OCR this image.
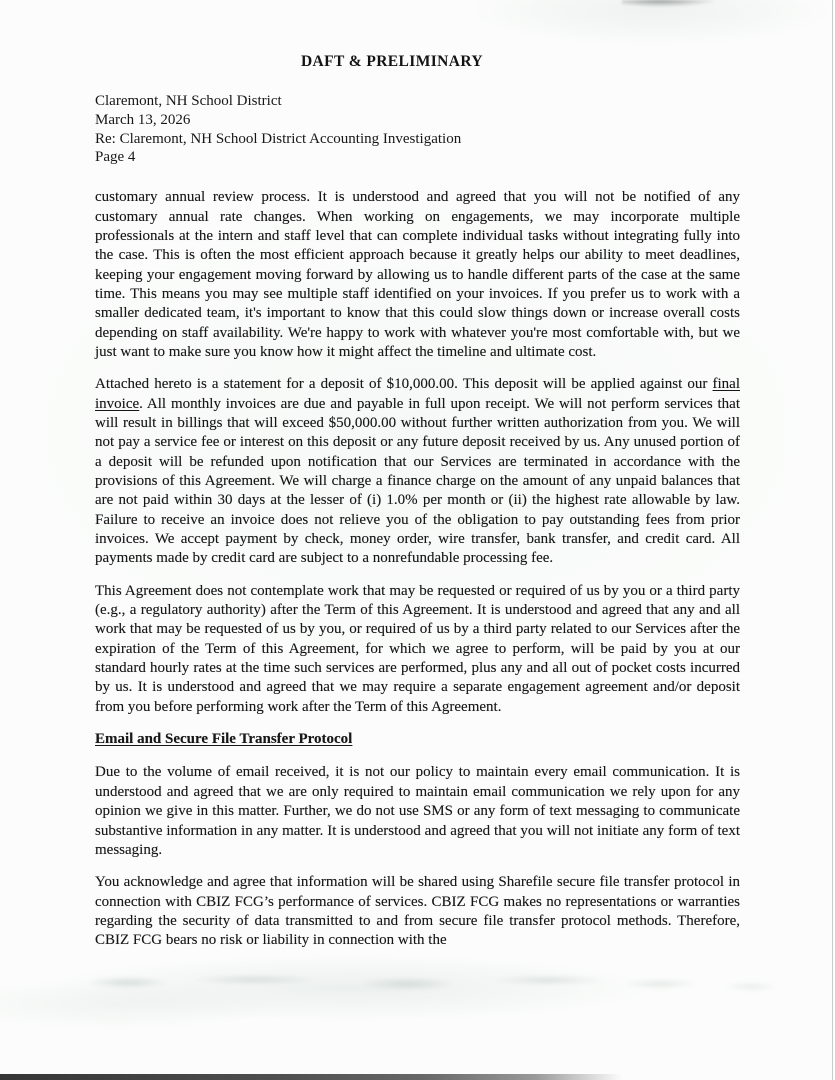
DAFT & PRELIMINARY
Claremont, NH School District
March 13, 2026
Re: Claremont, NH School District Accounting Investigation
Page 4

customary annual review process. It is understood and agreed that you will not be notified of any customary annual rate changes. When working on engagements, we may incorporate multiple professionals at the intern and staff level that can complete individual tasks without integrating fully into the case. This is often the most efficient approach because it greatly helps our ability to meet deadlines, keeping your engagement moving forward by allowing us to handle different parts of the case at the same time. This means you may see multiple staff identified on your invoices. If you prefer us to work with a smaller dedicated team, it's important to know that this could slow things down or increase overall costs depending on staff availability. We're happy to work with whatever you're most comfortable with, but we just want to make sure you know how it might affect the timeline and ultimate cost.

Attached hereto is a statement for a deposit of $10,000.00. This deposit will be applied against our final invoice. All monthly invoices are due and payable in full upon receipt. We will not perform services that will result in billings that will exceed $50,000.00 without further written authorization from you. We will not pay a service fee or interest on this deposit or any future deposit received by us. Any unused portion of a deposit will be refunded upon notification that our Services are terminated in accordance with the provisions of this Agreement. We will charge a finance charge on the amount of any unpaid balances that are not paid within 30 days at the lesser of (i) 1.0% per month or (ii) the highest rate allowable by law. Failure to receive an invoice does not relieve you of the obligation to pay outstanding fees from prior invoices. We accept payment by check, money order, wire transfer, bank transfer, and credit card. All payments made by credit card are subject to a nonrefundable processing fee.

This Agreement does not contemplate work that may be requested or required of us by you or a third party (e.g., a regulatory authority) after the Term of this Agreement. It is understood and agreed that any and all work that may be requested of us by you, or required of us by a third party related to our Services after the expiration of the Term of this Agreement, for which we agree to perform, will be paid by you at our standard hourly rates at the time such services are performed, plus any and all out of pocket costs incurred by us. It is understood and agreed that we may require a separate engagement agreement and/or deposit from you before performing work after the Term of this Agreement.

Email and Secure File Transfer Protocol

Due to the volume of email received, it is not our policy to maintain every email communication. It is understood and agreed that we are only required to maintain email communication we rely upon for any opinion we give in this matter. Further, we do not use SMS or any form of text messaging to communicate substantive information in any matter. It is understood and agreed that you will not initiate any form of text messaging.

You acknowledge and agree that information will be shared using Sharefile secure file transfer protocol in connection with CBIZ FCG’s performance of services. CBIZ FCG makes no representations or warranties regarding the security of data transmitted to and from secure file transfer protocol methods. Therefore, CBIZ FCG bears no risk or liability in connection with the
